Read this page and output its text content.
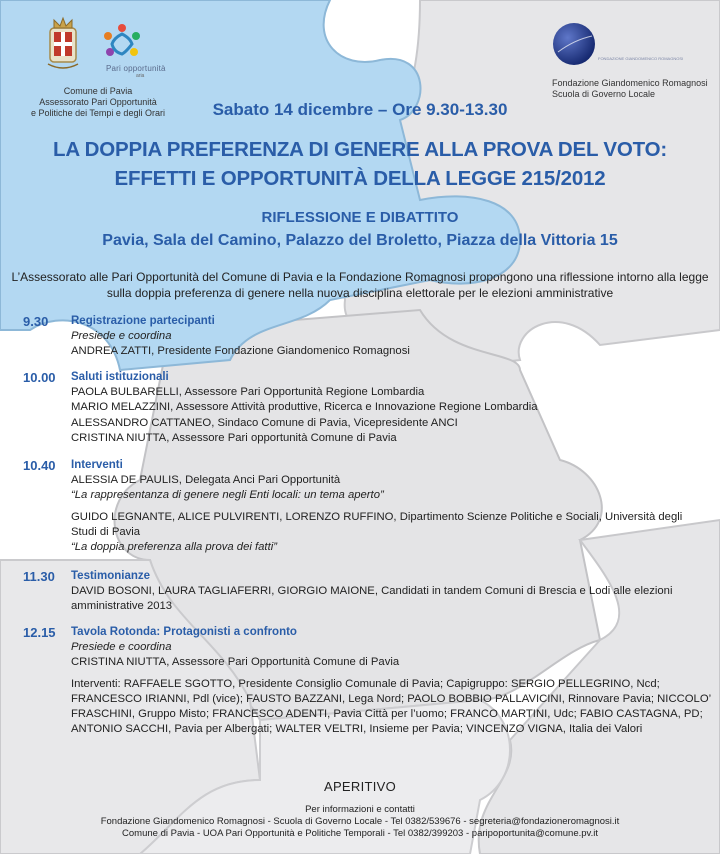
Pari opportunità
aria
Comune di Pavia
Assessorato Pari Opportunità
e Politiche dei Tempi e degli Orari
FONDAZIONE GIANDOMENICO ROMAGNOSI
Fondazione Giandomenico Romagnosi
Scuola di Governo Locale
Sabato 14 dicembre – Ore 9.30-13.30
LA DOPPIA PREFERENZA DI GENERE ALLA PROVA DEL VOTO:
EFFETTI E OPPORTUNITÀ DELLA LEGGE 215/2012
RIFLESSIONE E DIBATTITO
Pavia, Sala del Camino, Palazzo del Broletto, Piazza della Vittoria 15
L’Assessorato alle Pari Opportunità del Comune di Pavia e la Fondazione Romagnosi propongono una riflessione intorno alla legge sulla doppia preferenza di genere nella nuova disciplina elettorale per le elezioni amministrative
9.30 Registrazione partecipanti
Presiede e coordina
ANDREA ZATTI, Presidente Fondazione Giandomenico Romagnosi
10.00 Saluti istituzionali
PAOLA BULBARELLI, Assessore Pari Opportunità Regione Lombardia
MARIO MELAZZINI, Assessore Attività produttive, Ricerca e Innovazione Regione Lombardia
ALESSANDRO CATTANEO, Sindaco Comune di Pavia, Vicepresidente ANCI
CRISTINA NIUTTA, Assessore Pari opportunità Comune di Pavia
10.40 Interventi
ALESSIA DE PAULIS, Delegata Anci Pari Opportunità
“La rappresentanza di genere negli Enti locali: un tema aperto”
GUIDO LEGNANTE, ALICE PULVIRENTI, LORENZO RUFFINO, Dipartimento Scienze Politiche e Sociali, Università degli Studi di Pavia
“La doppia preferenza alla prova dei fatti”
11.30 Testimonianze
DAVID BOSONI, LAURA TAGLIAFERRI, GIORGIO MAIONE, Candidati in tandem Comuni di Brescia e Lodi alle elezioni amministrative 2013
12.15 Tavola Rotonda: Protagonisti a confronto
Presiede e coordina
CRISTINA NIUTTA, Assessore Pari Opportunità Comune di Pavia
Interventi: RAFFAELE SGOTTO, Presidente Consiglio Comunale di Pavia; Capigruppo: SERGIO PELLEGRINO, Ncd; FRANCESCO IRIANNI, Pdl (vice); FAUSTO BAZZANI, Lega Nord; PAOLO BOBBIO PALLAVICINI, Rinnovare Pavia; NICCOLO’ FRASCHINI, Gruppo Misto; FRANCESCO ADENTI, Pavia Città per l’uomo; FRANCO MARTINI, Udc; FABIO CASTAGNA, PD; ANTONIO SACCHI, Pavia per Albergati; WALTER VELTRI, Insieme per Pavia; VINCENZO VIGNA, Italia dei Valori
APERITIVO
Per informazioni e contatti
Fondazione Giandomenico Romagnosi - Scuola di Governo Locale - Tel 0382/539676 - segreteria@fondazioneromagnosi.it
Comune di Pavia - UOA Pari Opportunità e Politiche Temporali - Tel 0382/399203 - paripoportunita@comune.pv.it
